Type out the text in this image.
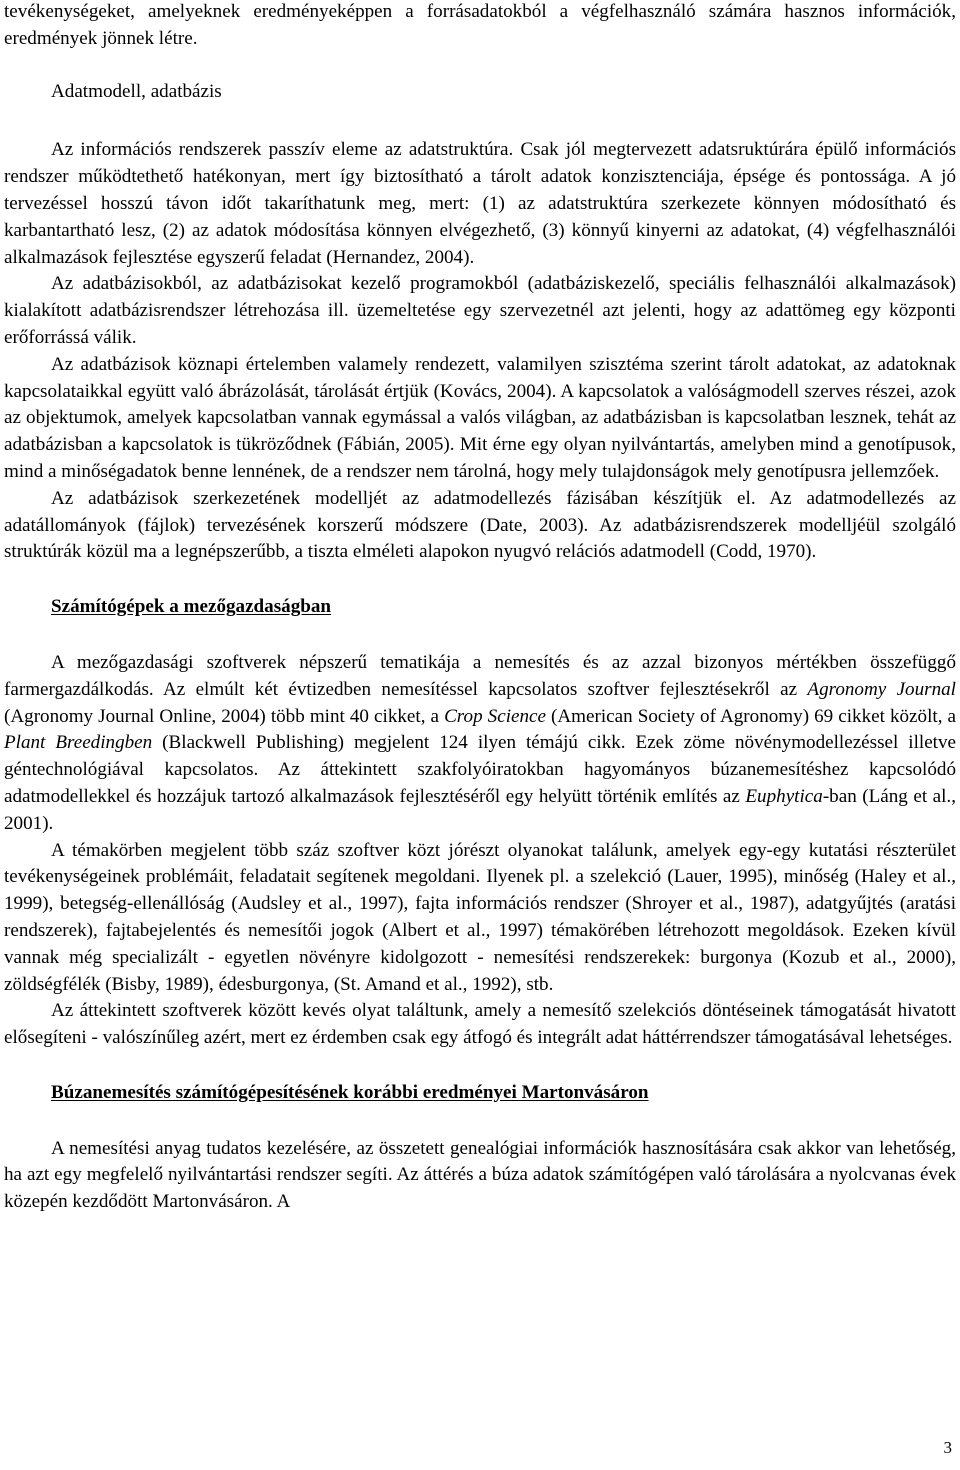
tevékenységeket, amelyeknek eredményeképpen a forrásadatokból a végfelhasználó számára hasznos információk, eredmények jönnek létre.

Adatmodell, adatbázis

Az információs rendszerek passzív eleme az adatstruktúra. Csak jól megtervezett adatsruktúrára épülő információs rendszer működtethető hatékonyan, mert így biztosítható a tárolt adatok konzisztenciája, épsége és pontossága. A jó tervezéssel hosszú távon időt takaríthatunk meg, mert: (1) az adatstruktúra szerkezete könnyen módosítható és karbantartható lesz, (2) az adatok módosítása könnyen elvégezhető, (3) könnyű kinyerni az adatokat, (4) végfelhasználói alkalmazások fejlesztése egyszerű feladat (Hernandez, 2004).

Az adatbázisokból, az adatbázisokat kezelő programokból (adatbáziskezelő, speciális felhasználói alkalmazások) kialakított adatbázisrendszer létrehozása ill. üzemeltetése egy szervezetnél azt jelenti, hogy az adattömeg egy központi erőforrássá válik.

Az adatbázisok köznapi értelemben valamely rendezett, valamilyen szisztéma szerint tárolt adatokat, az adatoknak kapcsolataikkal együtt való ábrázolását, tárolását értjük (Kovács, 2004). A kapcsolatok a valóságmodell szerves részei, azok az objektumok, amelyek kapcsolatban vannak egymással a valós világban, az adatbázisban is kapcsolatban lesznek, tehát az adatbázisban a kapcsolatok is tükröződnek (Fábián, 2005). Mit érne egy olyan nyilvántartás, amelyben mind a genotípusok, mind a minőségadatok benne lennének, de a rendszer nem tárolná, hogy mely tulajdonságok mely genotípusra jellemzőek.

Az adatbázisok szerkezetének modelljét az adatmodellezés fázisában készítjük el. Az adatmodellezés az adatállományok (fájlok) tervezésének korszerű módszere (Date, 2003). Az adatbázisrendszerek modelljéül szolgáló struktúrák közül ma a legnépszerűbb, a tiszta elméleti alapokon nyugvó relációs adatmodell (Codd, 1970).

Számítógépek a mezőgazdaságban

A mezőgazdasági szoftverek népszerű tematikája a nemesítés és az azzal bizonyos mértékben összefüggő farmergazdálkodás. Az elmúlt két évtizedben nemesítéssel kapcsolatos szoftver fejlesztésekről az Agronomy Journal (Agronomy Journal Online, 2004) több mint 40 cikket, a Crop Science (American Society of Agronomy) 69 cikket közölt, a Plant Breedingben (Blackwell Publishing) megjelent 124 ilyen témájú cikk. Ezek zöme növénymodellezéssel illetve géntechnológiával kapcsolatos. Az áttekintett szakfolyóiratokban hagyományos búzanemesítéshez kapcsolódó adatmodellekkel és hozzájuk tartozó alkalmazások fejlesztéséről egy helyütt történik említés az Euphytica-ban (Láng et al., 2001).

A témakörben megjelent több száz szoftver közt jórészt olyanokat találunk, amelyek egy-egy kutatási részterület tevékenységeinek problémáit, feladatait segítenek megoldani. Ilyenek pl. a szelekció (Lauer, 1995), minőség (Haley et al., 1999), betegség-ellenállóság (Audsley et al., 1997), fajta információs rendszer (Shroyer et al., 1987), adatgyűjtés (aratási rendszerek), fajtabejelentés és nemesítői jogok (Albert et al., 1997) témakörében létrehozott megoldások. Ezeken kívül vannak még specializált - egyetlen növényre kidolgozott - nemesítési rendszerekek: burgonya (Kozub et al., 2000), zöldségfélék (Bisby, 1989), édesburgonya, (St. Amand et al., 1992), stb.

Az áttekintett szoftverek között kevés olyat találtunk, amely a nemesítő szelekciós döntéseinek támogatását hivatott elősegíteni - valószínűleg azért, mert ez érdemben csak egy átfogó és integrált adat háttérrendszer támogatásával lehetséges.

Búzanemesítés számítógépesítésének korábbi eredményei Martonvásáron

A nemesítési anyag tudatos kezelésére, az összetett genealógiai információk hasznosítására csak akkor van lehetőség, ha azt egy megfelelő nyilvántartási rendszer segíti. Az áttérés a búza adatok számítógépen való tárolására a nyolcvanas évek közepén kezdődött Martonvásáron. A

3
